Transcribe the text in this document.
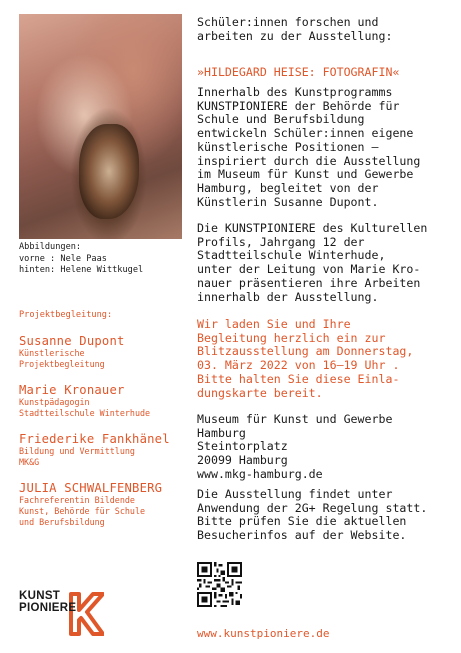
Abbildungen:
vorne : Nele Paas
hinten: Helene Wittkugel
Projektbegleitung:
Susanne Dupont
Künstlerische
Projektbegleitung
Marie Kronauer
Kunstpädagogin
Stadtteilschule Winterhude
Friederike Fankhänel
Bildung und Vermittlung
MK&G
JULIA SCHWALFENBERG
Fachreferentin Bildende
Kunst, Behörde für Schule
und Berufsbildung
KUNST
PIONIERE
Schüler:innen forschen und
arbeiten zu der Ausstellung:
»HILDEGARD HEISE: FOTOGRAFIN«
Innerhalb des Kunstprogramms
KUNSTPIONIERE der Behörde für
Schule und Berufsbildung
entwickeln Schüler:innen eigene
künstlerische Positionen –
inspiriert durch die Ausstellung
im Museum für Kunst und Gewerbe
Hamburg, begleitet von der
Künstlerin Susanne Dupont.
Die KUNSTPIONIERE des Kulturellen
Profils, Jahrgang 12 der
Stadtteilschule Winterhude,
unter der Leitung von Marie Kro-
nauer präsentieren ihre Arbeiten
innerhalb der Ausstellung.
Wir laden Sie und Ihre
Begleitung herzlich ein zur
Blitzausstellung am Donnerstag,
03. März 2022 von 16–19 Uhr .
Bitte halten Sie diese Einla-
dungskarte bereit.
Museum für Kunst und Gewerbe
Hamburg
Steintorplatz
20099 Hamburg
www.mkg-hamburg.de
Die Ausstellung findet unter
Anwendung der 2G+ Regelung statt.
Bitte prüfen Sie die aktuellen
Besucherinfos auf der Website.
www.kunstpioniere.de
